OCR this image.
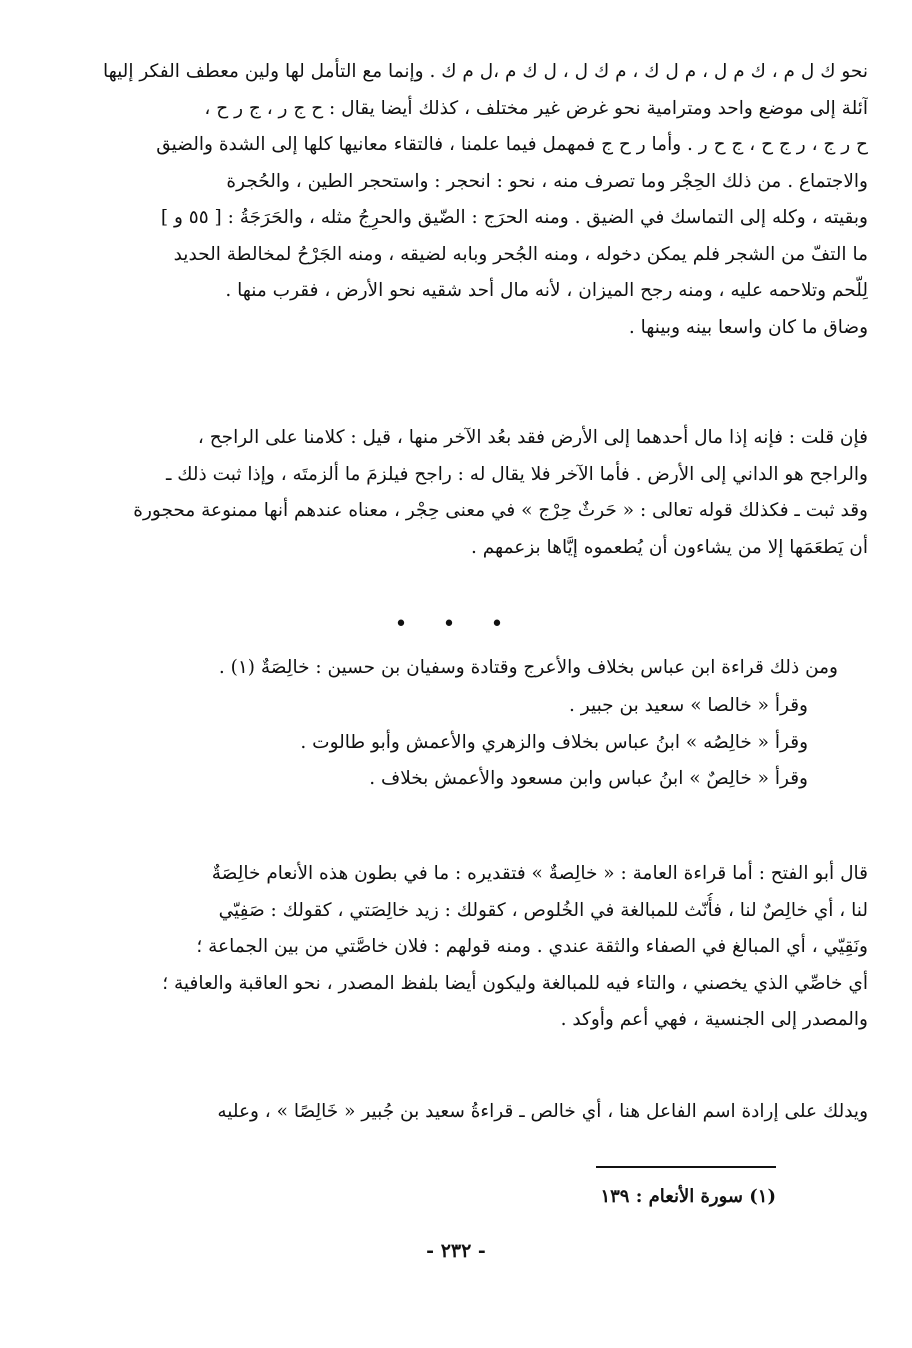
نحو ك ل م ، ك م ل ، م ل ك ، م ك ل ، ل ك م ،ل م ك . وإنما مع التأمل لها ولين معطف الفكر إليها
آئلة إلى موضع واحد ومترامية نحو غرض غير مختلف ، كذلك أيضا يقال : ح ج ر ، ج ر ح ،
ح ر ج ، ر ج ح ، ج ح ر . وأما ر ح ج فمهمل فيما علمنا ، فالتقاء معانيها كلها إلى الشدة والضيق
والاجتماع . من ذلك الحِجْر وما تصرف منه ، نحو : انحجر : واستحجر الطين ، والحُجرة
وبقيته ، وكله إلى التماسك في الضيق . ومنه الحرَج : الضّيق والحرِجُ مثله ، والحَرَجَةُ : [ ٥٥ و ]
ما التفّ من الشجر فلم يمكن دخوله ، ومنه الجُحر وبابه لضيقه ، ومنه الجَرْحُ لمخالطة الحديد
لِلّحم وتلاحمه عليه ، ومنه رجح الميزان ، لأنه مال أحد شقيه نحو الأرض ، فقرب منها .
وضاق ما كان واسعا بينه وبينها .
فإن قلت : فإنه إذا مال أحدهما إلى الأرض فقد بعُد الآخر منها ، قيل : كلامنا على الراجح ،
والراجح هو الداني إلى الأرض . فأما الآخر فلا يقال له : راجح فيلزمَ ما ألزمتَه ، وإذا ثبت ذلك ـ
وقد ثبت ـ فكذلك قوله تعالى : « حَرثٌ حِرْج » في معنى حِجْر ، معناه عندهم أنها ممنوعة محجورة
أن يَطعَمَها إلا من يشاءون أن يُطعموه إيَّاها بزعمهم .
• • •
ومن ذلك قراءة ابن عباس بخلاف والأعرج وقتادة وسفيان بن حسين : خالِصَةٌ (١) .
وقرأ « خالصا » سعيد بن جبير .
وقرأ « خالِصُه » ابنُ عباس بخلاف والزهري والأعمش وأبو طالوت .
وقرأ « خالِصٌ » ابنُ عباس وابن مسعود والأعمش بخلاف .
قال أبو الفتح : أما قراءة العامة : « خالِصةٌ » فتقديره : ما في بطون هذه الأنعام خالِصَةٌ
لنا ، أي خالِصٌ لنا ، فأُنّث للمبالغة في الخُلوص ، كقولك : زيد خالِصَتي ، كقولك : صَفِيّي
ونَقِيّي ، أي المبالغ في الصفاء والثقة عندي . ومنه قولهم : فلان خاصَّتي من بين الجماعة ؛
أي خاصِّي الذي يخصني ، والتاء فيه للمبالغة وليكون أيضا بلفظ المصدر ، نحو العاقبة والعافية ؛
والمصدر إلى الجنسية ، فهي أعم وأوكد .
ويدلك على إرادة اسم الفاعل هنا ، أي خالص ـ قراءةُ سعيد بن جُبير « خَالِصًا » ، وعليه
(١) سورة الأنعام : ١٣٩
- ٢٣٢ -
